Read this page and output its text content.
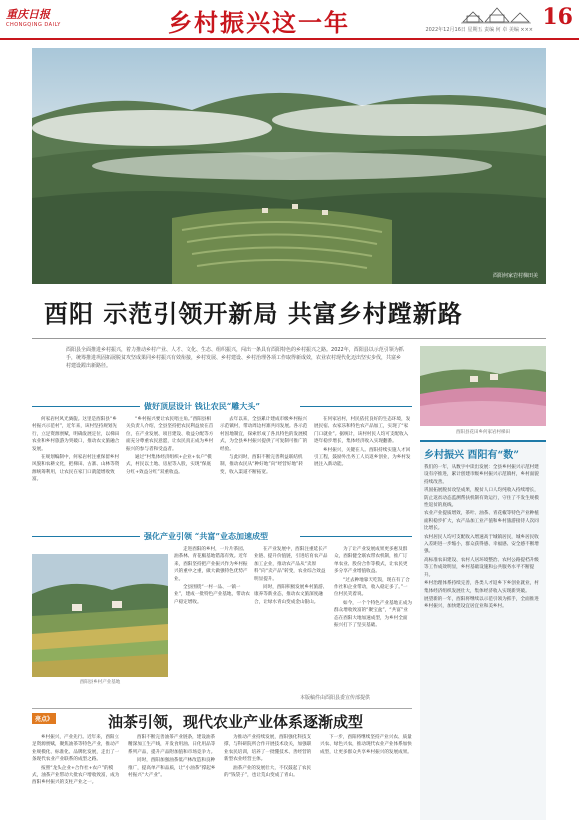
重庆日报
CHONGQING DAILY	乡村振兴这一年	16
2022年12月16日 星期五 责编 何 卓 美编 ×××
酉阳何家岩村梯田美
酉阳 示范引领开新局 共富乡村蹚新路

酉阳县全面推进乡村振兴，着力推动乡村产业、人才、文化、生态、组织振兴，闯出一条具有酉阳特色的乡村振兴之路。2022年，酉阳县以示范引领为抓手，统筹推进巩固拓展脱贫攻坚成果同乡村振兴有效衔接，乡村发展、乡村建设、乡村治理各项工作取得新成效，农业农村现代化迈出坚实步伐，共富乡村建设蹚出新路径。

酉阳县花田乡何家岩村梯田
乡村振兴 酉阳有“数”

我们的一年，从数字中读出发展：全县乡村振兴示范村建设有序推进，累计创建市级乡村振兴示范镇村，乡村面貌持续改善。

巩固拓展脱贫攻坚成果，脱贫人口人均纯收入持续增长，防止返贫动态监测帮扶机制有效运行，守住了不发生规模性返贫的底线。

农业产业提质增效，茶叶、油茶、青花椒等特色产业种植面积稳步扩大，农产品加工业产值和乡村旅游接待人次同比增长。

农村居民人均可支配收入增速高于城镇居民，城乡居民收入差距进一步缩小，群众获得感、幸福感、安全感不断增强。

高标准农田建设、农村人居环境整治、农村公路提档升级等工作成效明显，乡村基础设施和公共服务水平不断提升。

乡村治理体系持续完善，各类人才返乡下乡创业就业，村集体经济组织发展壮大，集体经济收入实现新突破。

展望新的一年，酉阳将继续以示范引领为抓手，全面推进乡村振兴，加快建设宜居宜业和美乡村。

做好顶层设计 钱让农民“雕大头”

何家岩村风光旖旎。这里是酉阳县“乡村振兴示范村”，近年来，该村坚持规划先行，立足资源禀赋，明确发展定位，以梯田农业和乡村旅游为突破口，推动农文旅融合发展。

在规划编制中，何家岩村注重保留乡村风貌和农耕文化，把梯田、古寨、山林等资源统筹利用，让农民在家门口就能增收致富。

“乡村振兴要让农民唱主角。”酉阳县相关负责人介绍，全县坚持把农民利益放在首位，在产业发展、项目建设、收益分配等方面充分尊重农民意愿，让农民真正成为乡村振兴的参与者和受益者。

通过“村集体经济组织+企业+农户”模式，村民以土地、房屋等入股，实现“保底分红+效益分红”双重收益。

去年以来，全县累计建成市级乡村振兴示范镇村，带动周边村寨共同发展。各示范村因地制宜，探索形成了各具特色的发展模式，为全县乡村振兴提供了可复制可推广的经验。

与此同时，酉阳不断完善利益联结机制，推动农民从“种好地”向“经营好地”转变，收入渠道不断拓宽。

在何家岩村，村民依托良好的生态环境，发展民宿、农家乐和特色农产品加工，实现了“家门口就业”。据统计，该村村民人均可支配收入逐年稳步增长，集体经济收入实现翻番。

乡村振兴，关键在人。酉阳持续实施人才回引工程，鼓励外出务工人员返乡创业，为乡村发展注入新动能。

强化产业引领 “共富”业态加速成型
酉阳县乡村产业基地

走进酉阳的乡村，一片片茶园、油茶林、青花椒基地错落有致。近年来，酉阳坚持把产业振兴作为乡村振兴的重中之重，做大做强特色优势产业。

全县围绕“一村一品、一镇一业”，建成一批特色产业基地，带动农户稳定增收。

在产业发展中，酉阳注重延长产业链、提升价值链，引进培育农产品加工企业，推动农产品从“卖原料”向“卖产品”转变，农业综合效益明显提升。

同时，酉阳积极发展乡村旅游、康养等新业态，推动农文旅深度融合，让绿水青山变成金山银山。

为了让产业发展成果更多惠及群众，酉阳健全联农带农机制，推广订单农业、股份合作等模式，让农民更多分享产业增值收益。

“过去种地靠天吃饭，现在有了合作社和企业带动，收入稳定多了。”一位村民笑着说。

如今，一个个特色产业基地正成为群众增收致富的“聚宝盆”，“共富”业态在酉阳大地加速成型，为乡村全面振兴打下了坚实基础。

本版稿件由酉阳县委宣传部提供
亮点》	油茶引领，现代农业产业体系逐渐成型

乡村振兴，产业先行。近年来，酉阳立足资源禀赋，聚焦油茶等特色产业，推动产业规模化、标准化、品牌化发展，走出了一条现代农业产业联系的成型之路。

按照“龙头企业+合作社+农户”的模式，油茶产业带动大批农户增收致富，成为酉阳乡村振兴的支柱产业之一。

酉阳不断完善油茶产业链条，建设油茶精深加工生产线，开发食用油、日化用品等系列产品，提升产品附加值和市场竞争力。

同时，酉阳加强油茶低产林改造和良种推广，提高单产和品质，让“小油茶”撑起乡村振兴“大产业”。

为推动产业持续发展，酉阳强化科技支撑，与科研院所合作开展技术攻关，加强职业农民培训，培养了一批懂技术、善经营的新型农业经营主体。

油茶产业的发展壮大，不仅鼓起了农民的“钱袋子”，也让荒山变成了青山。

下一步，酉阳将继续坚持产业兴农、质量兴农、绿色兴农，推动现代农业产业体系加快成型，让更多群众共享乡村振兴的发展成果。
